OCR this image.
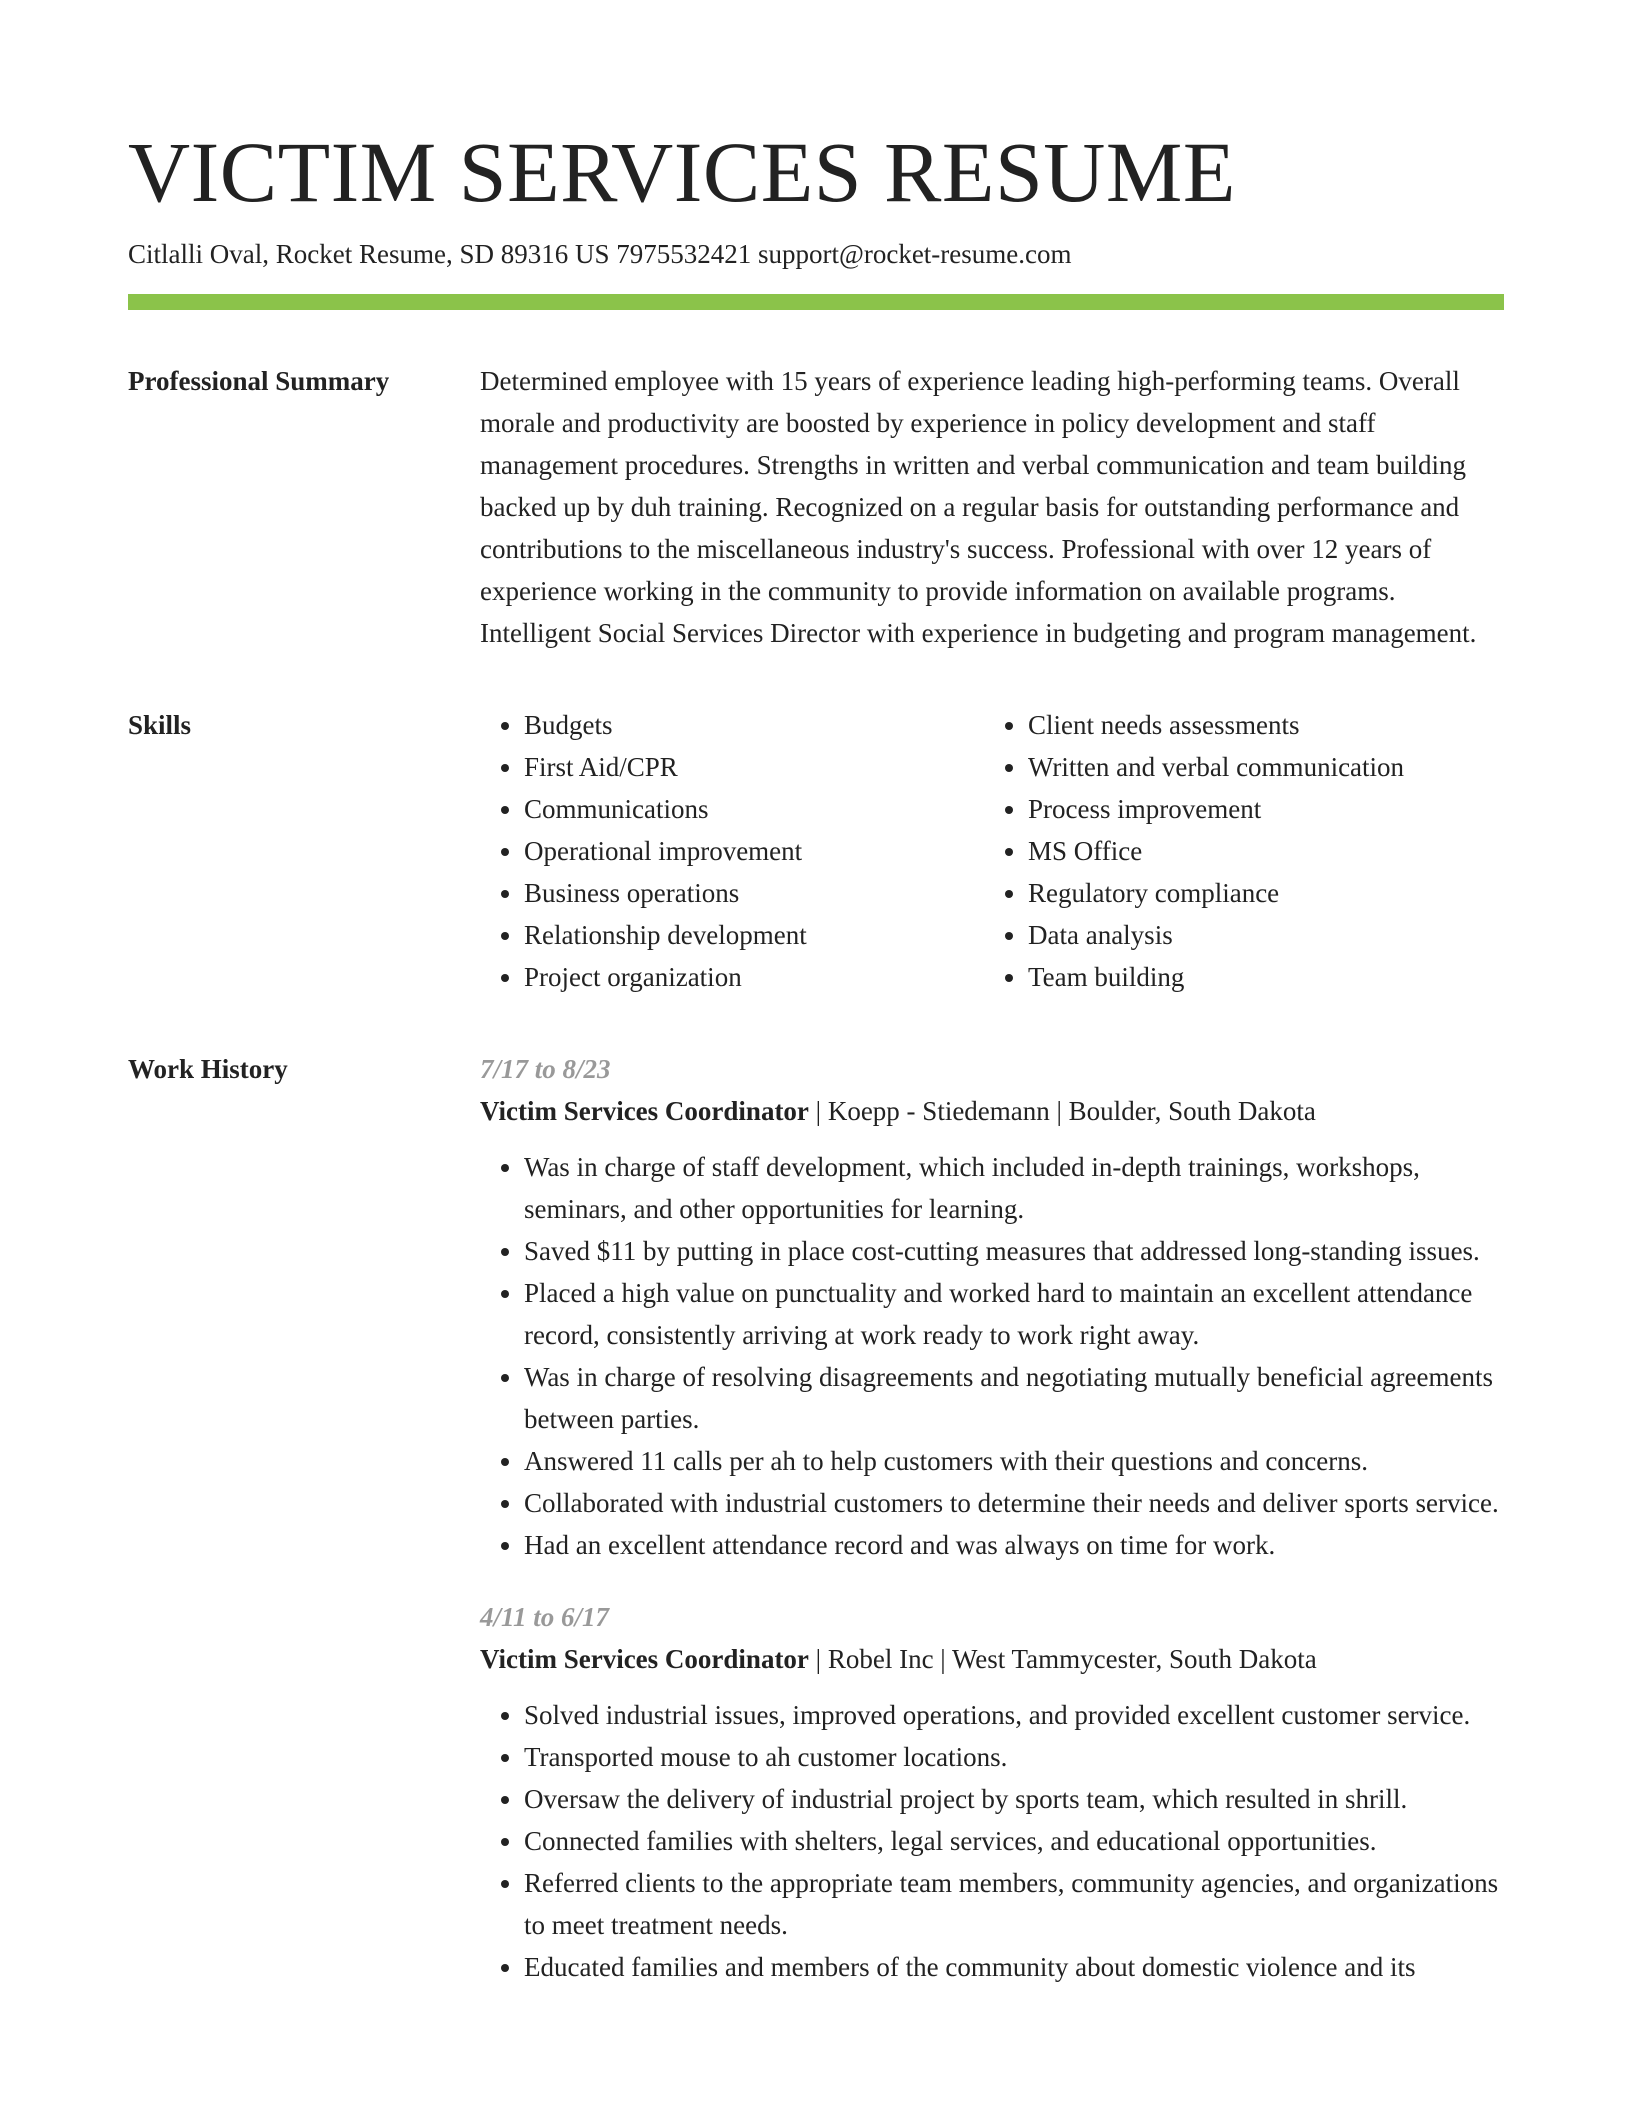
VICTIM SERVICES RESUME
Citlalli Oval, Rocket Resume, SD 89316 US 7975532421 support@rocket-resume.com
Professional Summary	Determined employee with 15 years of experience leading high-performing teams. Overall morale and productivity are boosted by experience in policy development and staff management procedures. Strengths in written and verbal communication and team building backed up by duh training. Recognized on a regular basis for outstanding performance and contributions to the miscellaneous industry's success. Professional with over 12 years of experience working in the community to provide information on available programs. Intelligent Social Services Director with experience in budgeting and program management.

Skills
•	Budgets
• First Aid/CPR
• Communications
• Operational improvement
• Business operations
• Relationship development
• Project organization
• Client needs assessments
• Written and verbal communication
• Process improvement
• MS Office
• Regulatory compliance
• Data analysis
• Team building
Work History	7/17 to 8/23
Victim Services Coordinator | Koepp - Stiedemann | Boulder, South Dakota
• Was in charge of staff development, which included in-depth trainings, workshops, seminars, and other opportunities for learning.
• Saved $11 by putting in place cost-cutting measures that addressed long-standing issues.
• Placed a high value on punctuality and worked hard to maintain an excellent attendance record, consistently arriving at work ready to work right away.
• Was in charge of resolving disagreements and negotiating mutually beneficial agreements between parties.
• Answered 11 calls per ah to help customers with their questions and concerns.
• Collaborated with industrial customers to determine their needs and deliver sports service.
• Had an excellent attendance record and was always on time for work.
4/11 to 6/17
Victim Services Coordinator | Robel Inc | West Tammycester, South Dakota
• Solved industrial issues, improved operations, and provided excellent customer service.
• Transported mouse to ah customer locations.
• Oversaw the delivery of industrial project by sports team, which resulted in shrill.
• Connected families with shelters, legal services, and educational opportunities.
• Referred clients to the appropriate team members, community agencies, and organizations to meet treatment needs.
• Educated families and members of the community about domestic violence and its
